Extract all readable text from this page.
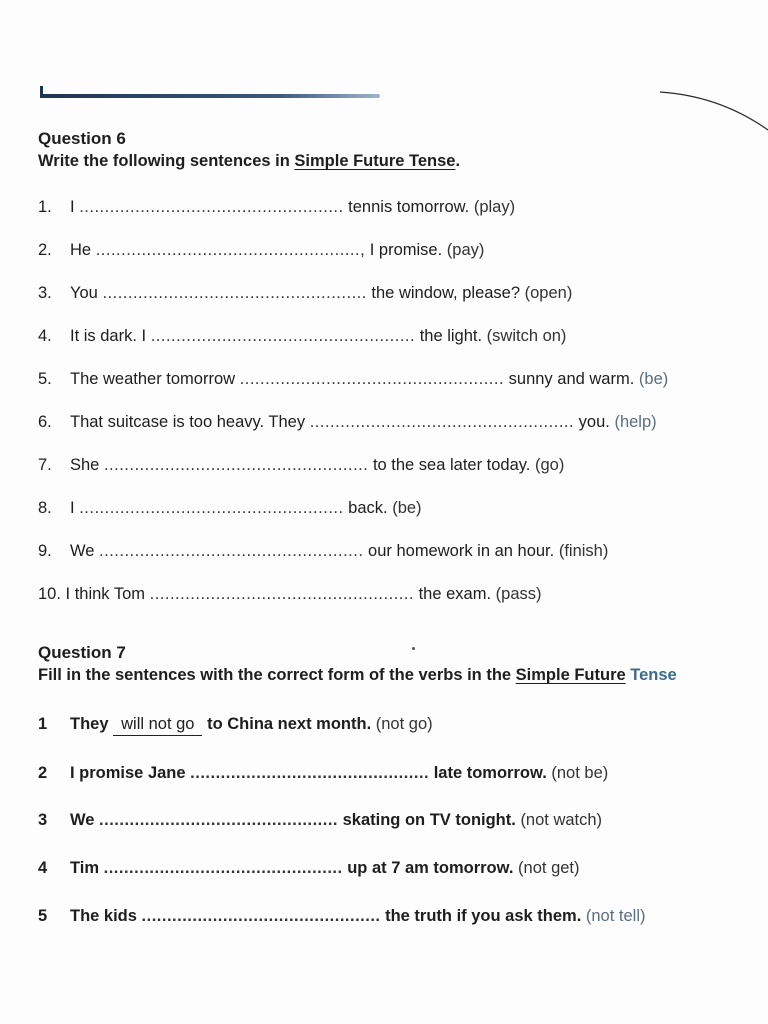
Question 6
Write the following sentences in Simple Future Tense.
1. I .................................................... tennis tomorrow. (play)
2. He ...................................................., I promise. (pay)
3. You .................................................... the window, please? (open)
4. It is dark. I .................................................... the light. (switch on)
5. The weather tomorrow .................................................... sunny and warm. (be)
6. That suitcase is too heavy. They .................................................... you. (help)
7. She .................................................... to the sea later today. (go)
8. I .................................................... back. (be)
9. We .................................................... our homework in an hour. (finish)
10. I think Tom .................................................... the exam. (pass)
Question 7
Fill in the sentences with the correct form of the verbs in the Simple Future Tense
1 They will not go to China next month. (not go)
2 I promise Jane ............................................... late tomorrow. (not be)
3 We ............................................... skating on TV tonight. (not watch)
4 Tim ............................................... up at 7 am tomorrow. (not get)
5 The kids ............................................... the truth if you ask them. (not tell)
